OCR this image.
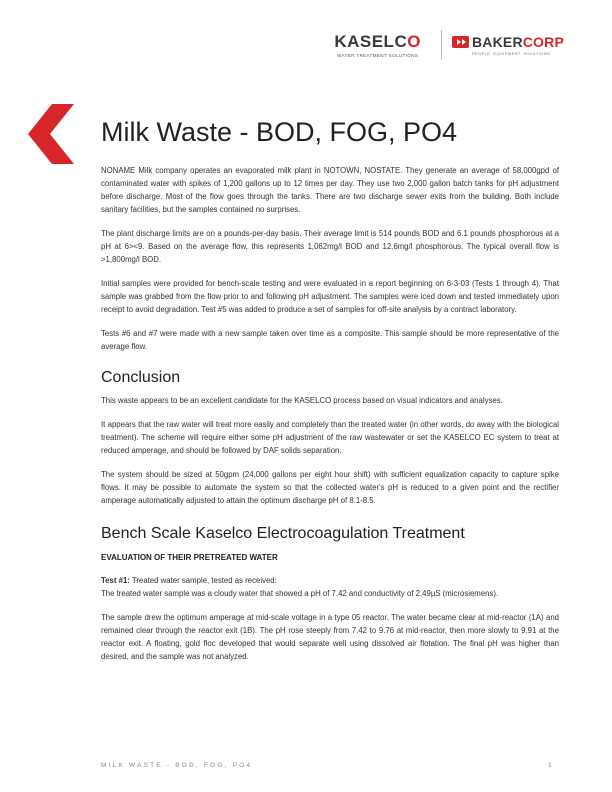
KASELCO
WATER TREATMENT SOLUTIONS
BAKERCORP
PEOPLE. EQUIPMENT. SOLUTIONS.
Milk Waste - BOD, FOG, PO4

NONAME Milk company operates an evaporated milk plant in NOTOWN, NOSTATE. They generate an average of 58,000gpd of contaminated water with spikes of 1,200 gallons up to 12 times per day. They use two 2,000 gallon batch tanks for pH adjustment before discharge. Most of the flow goes through the tanks. There are two discharge sewer exits from the building. Both include sanitary facilities, but the samples contained no surprises.

The plant discharge limits are on a pounds-per-day basis. Their average limit is 514 pounds BOD and 6.1 pounds phosphorous at a pH at 6><9. Based on the average flow, this represents 1,062mg/l BOD and 12.6mg/l phosphorous. The typical overall flow is >1,800mg/l BOD.

Initial samples were provided for bench-scale testing and were evaluated in a report beginning on 6-3-03 (Tests 1 through 4). That sample was grabbed from the flow prior to and following pH adjustment. The samples were iced down and tested immediately upon receipt to avoid degradation. Test #5 was added to produce a set of samples for off-site analysis by a contract laboratory.

Tests #6 and #7 were made with a new sample taken over time as a composite. This sample should be more representative of the average flow.

Conclusion

This waste appears to be an excellent candidate for the KASELCO process based on visual indicators and analyses.

It appears that the raw water will treat more easily and completely than the treated water (in other words, do away with the biological treatment). The scheme will require either some pH adjustment of the raw wastewater or set the KASELCO EC system to treat at reduced amperage, and should be followed by DAF solids separation.

The system should be sized at 50gpm (24,000 gallons per eight hour shift) with sufficient equalization capacity to capture spike flows. It may be possible to automate the system so that the collected water's pH is reduced to a given point and the rectifier amperage automatically adjusted to attain the optimum discharge pH of 8.1-8.5.

Bench Scale Kaselco Electrocoagulation Treatment
EVALUATION OF THEIR PRETREATED WATER

Test #1: Treated water sample, tested as received:
The treated water sample was a cloudy water that showed a pH of 7.42 and conductivity of 2,49µS (microsiemens).

The sample drew the optimum amperage at mid-scale voltage in a type 05 reactor. The water became clear at mid-reactor (1A) and remained clear through the reactor exit (1B). The pH rose steeply from 7.42 to 9.76 at mid-reactor, then more slowly to 9.91 at the reactor exit. A floating, gold floc developed that would separate well using dissolved air flotation. The final pH was higher than desired, and the sample was not analyzed.

MILK WASTE - BOD, FOG, PO4	1
